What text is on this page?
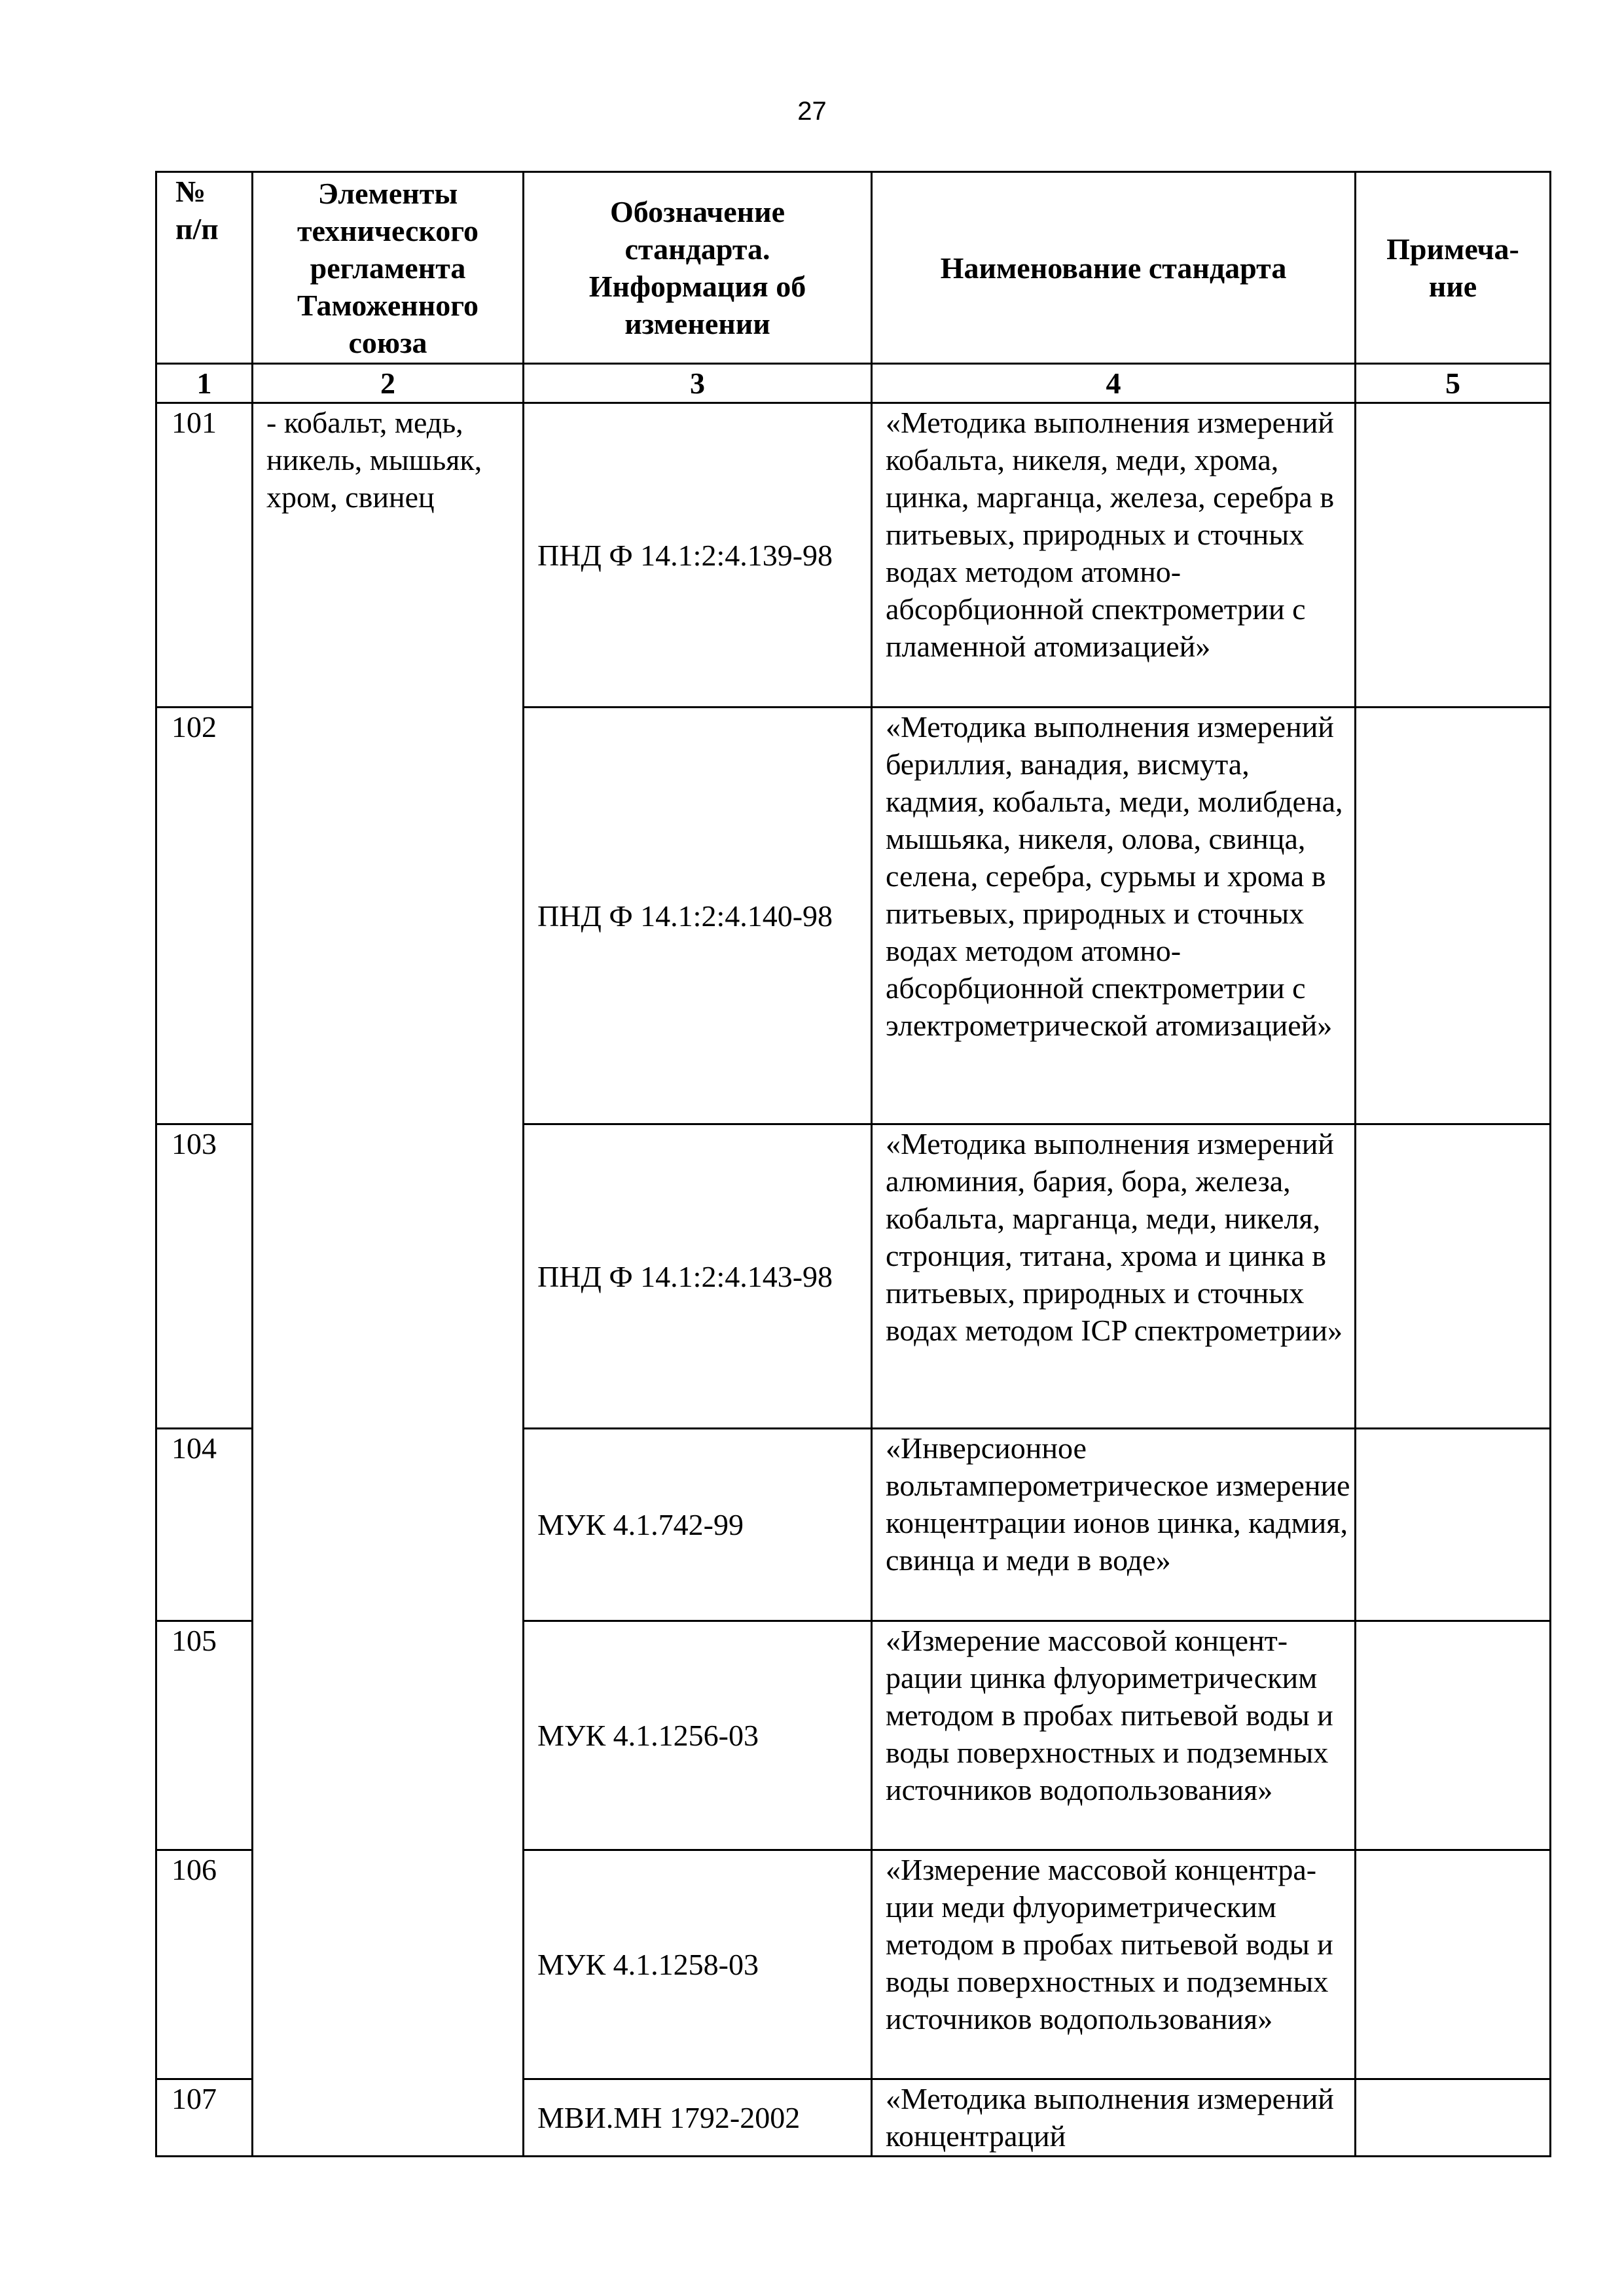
27
№ п/п	Элементы технического регламента Таможенного союза	Обозначение стандарта. Информация об изменении	Наименование стандарта	Примеча-ние
1	2	3	4	5
101	- кобальт, медь, никель, мышьяк, хром, свинец	ПНД Ф 14.1:2:4.139-98	«Методика выполнения измерений кобальта, никеля, меди, хрома, цинка, марганца, железа, серебра в питьевых, природных и сточных водах методом атомно-абсорбционной спектрометрии с пламенной атомизацией»	
102		ПНД Ф 14.1:2:4.140-98	«Методика выполнения измерений бериллия, ванадия, висмута, кадмия, кобальта, меди, молибдена, мышьяка, никеля, олова, свинца, селена, серебра, сурьмы и хрома в питьевых, природных и сточных водах методом атомно-абсорбционной спектрометрии с электрометрической атомизацией»	
103		ПНД Ф 14.1:2:4.143-98	«Методика выполнения измерений алюминия, бария, бора, железа, кобальта, марганца, меди, никеля, стронция, титана, хрома и цинка в питьевых, природных и сточных водах методом ICP спектрометрии»	
104		МУК 4.1.742-99	«Инверсионное вольтамперометрическое измерение концентрации ионов цинка, кадмия, свинца и меди в воде»	
105		МУК 4.1.1256-03	«Измерение массовой концент-рации цинка флуориметрическим методом в пробах питьевой воды и воды поверхностных и подземных источников водопользования»	
106		МУК 4.1.1258-03	«Измерение массовой концентра-ции меди флуориметрическим методом в пробах питьевой воды и воды поверхностных и подземных источников водопользования»	
107		МВИ.МН 1792-2002	«Методика выполнения измерений концентраций	
